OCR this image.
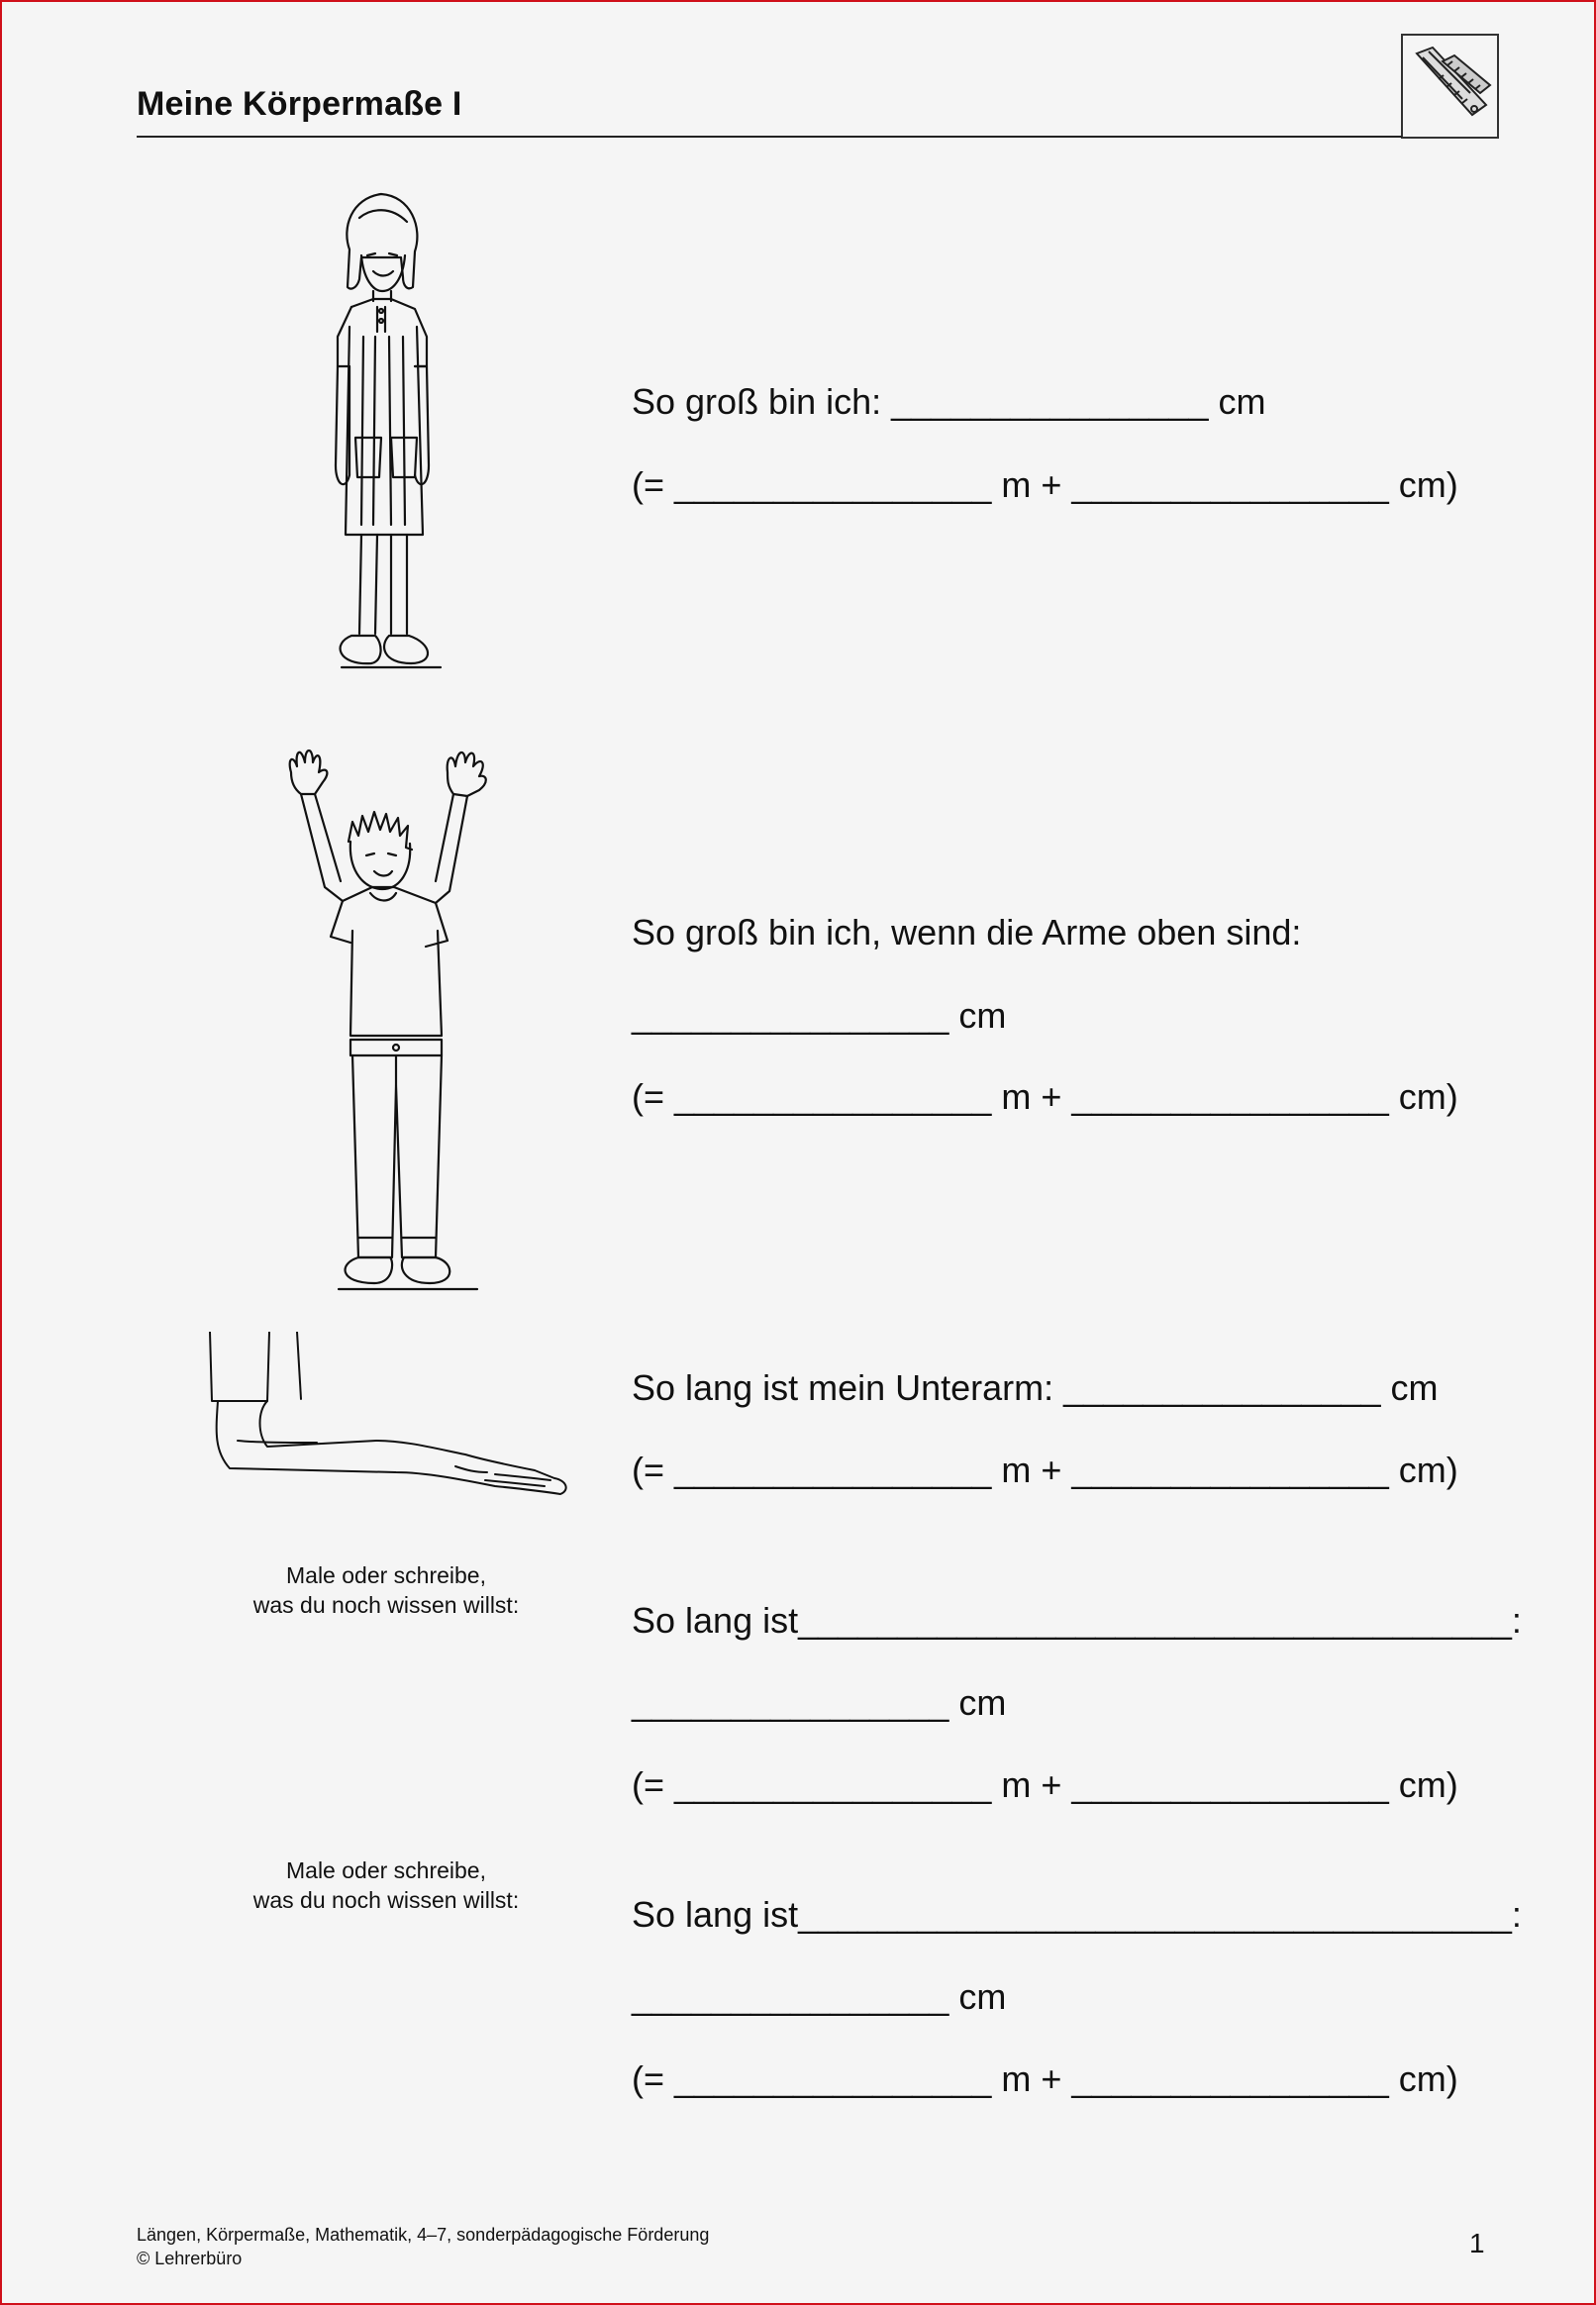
Meine Körpermaße I
So groß bin ich: ________________ cm
(= ________________ m + ________________ cm)
So groß bin ich, wenn die Arme oben sind:
________________ cm
(= ________________ m + ________________ cm)
So lang ist mein Unterarm: ________________ cm
(= ________________ m + ________________ cm)
Male oder schreibe,
was du noch wissen willst:	So lang ist____________________________________:
________________ cm
(= ________________ m + ________________ cm)
Male oder schreibe,
was du noch wissen willst:	So lang ist____________________________________:
________________ cm
(= ________________ m + ________________ cm)
Längen, Körpermaße, Mathematik, 4–7, sonderpädagogische Förderung
© Lehrerbüro	1
